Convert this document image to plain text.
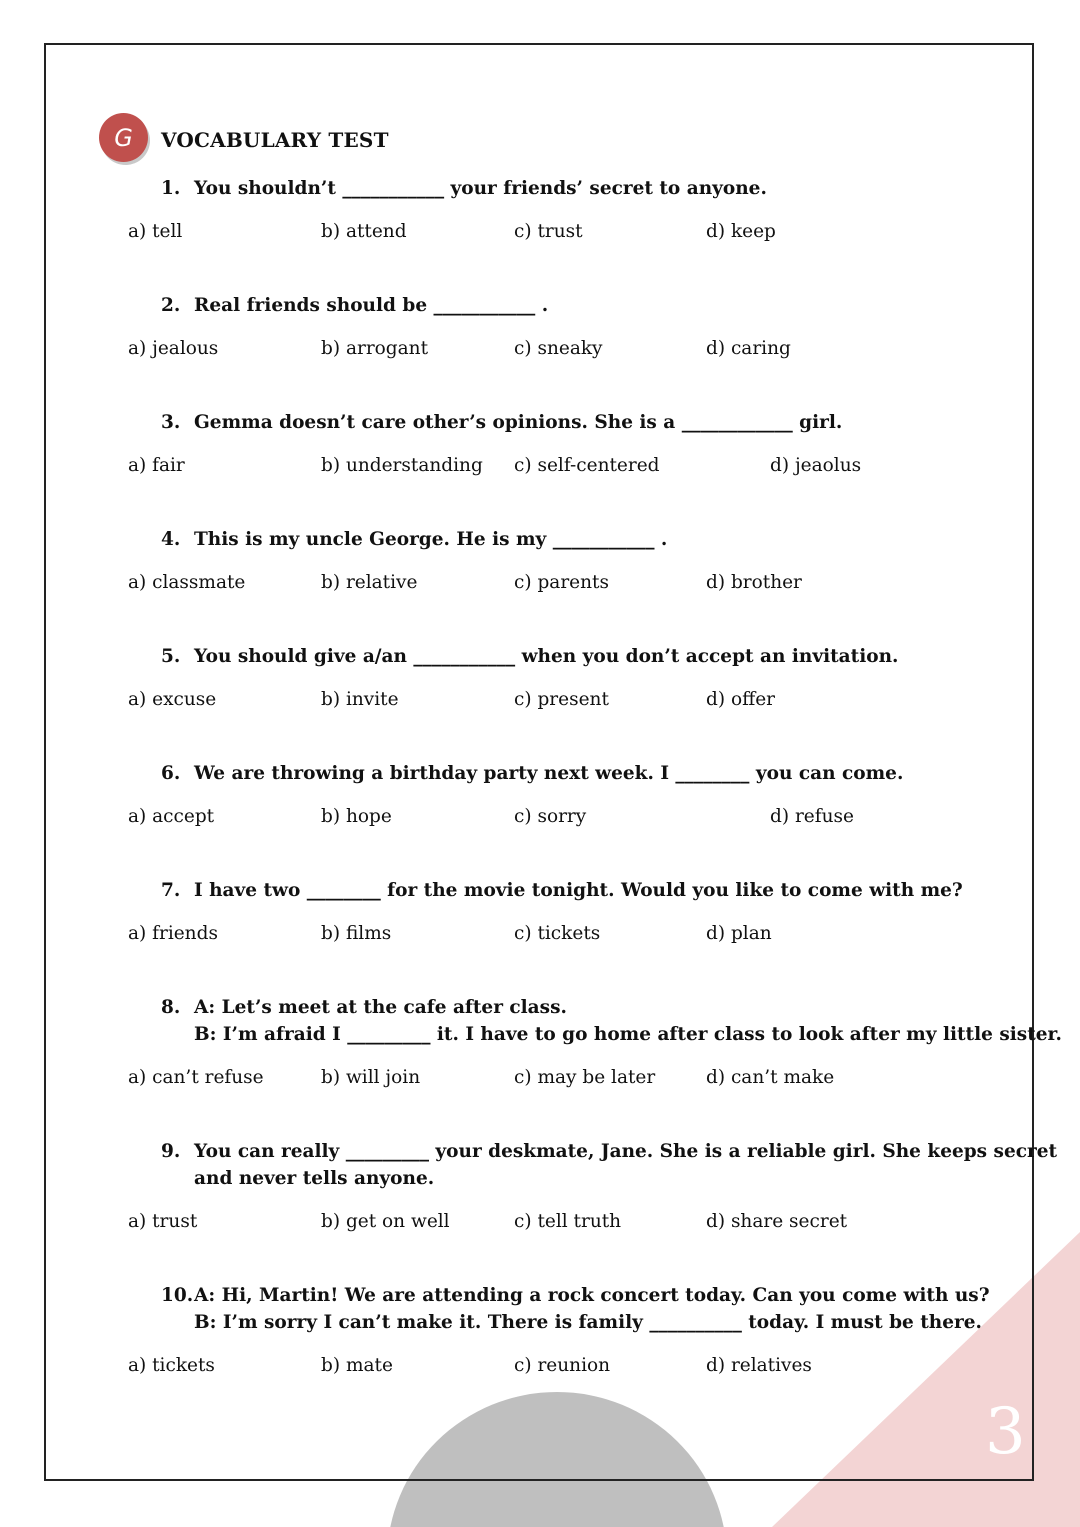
3
G	VOCABULARY TEST
1. You shouldn’t ___________ your friends’ secret to anyone.
a) tell	b) attend	c) trust	d) keep
2. Real friends should be ___________ .
a) jealous	b) arrogant	c) sneaky	d) caring
3. Gemma doesn’t care other’s opinions. She is a ____________ girl.
a) fair	b) understanding c) self-centered	d) jeaolus
4. This is my uncle George. He is my ___________ .
a) classmate	b) relative	c) parents	d) brother
5. You should give a/an ___________ when you don’t accept an invitation.
a) excuse	b) invite	c) present	d) offer
6. We are throwing a birthday party next week. I ________ you can come.
a) accept	b) hope	c) sorry	d) refuse
7. I have two ________ for the movie tonight. Would you like to come with me?
a) friends	b) films	c) tickets	d) plan
8. A: Let’s meet at the cafe after class.
B: I’m afraid I _________ it. I have to go home after class to look after my little sister.
a) can’t refuse	b) will join	c) may be later	d) can’t make
9. You can really _________ your deskmate, Jane. She is a reliable girl. She keeps secret
and never tells anyone.
a) trust	b) get on well	c) tell truth	d) share secret
10.A: Hi, Martin! We are attending a rock concert today. Can you come with us?
B: I’m sorry I can’t make it. There is family __________ today. I must be there.
a) tickets	b) mate	c) reunion	d) relatives
